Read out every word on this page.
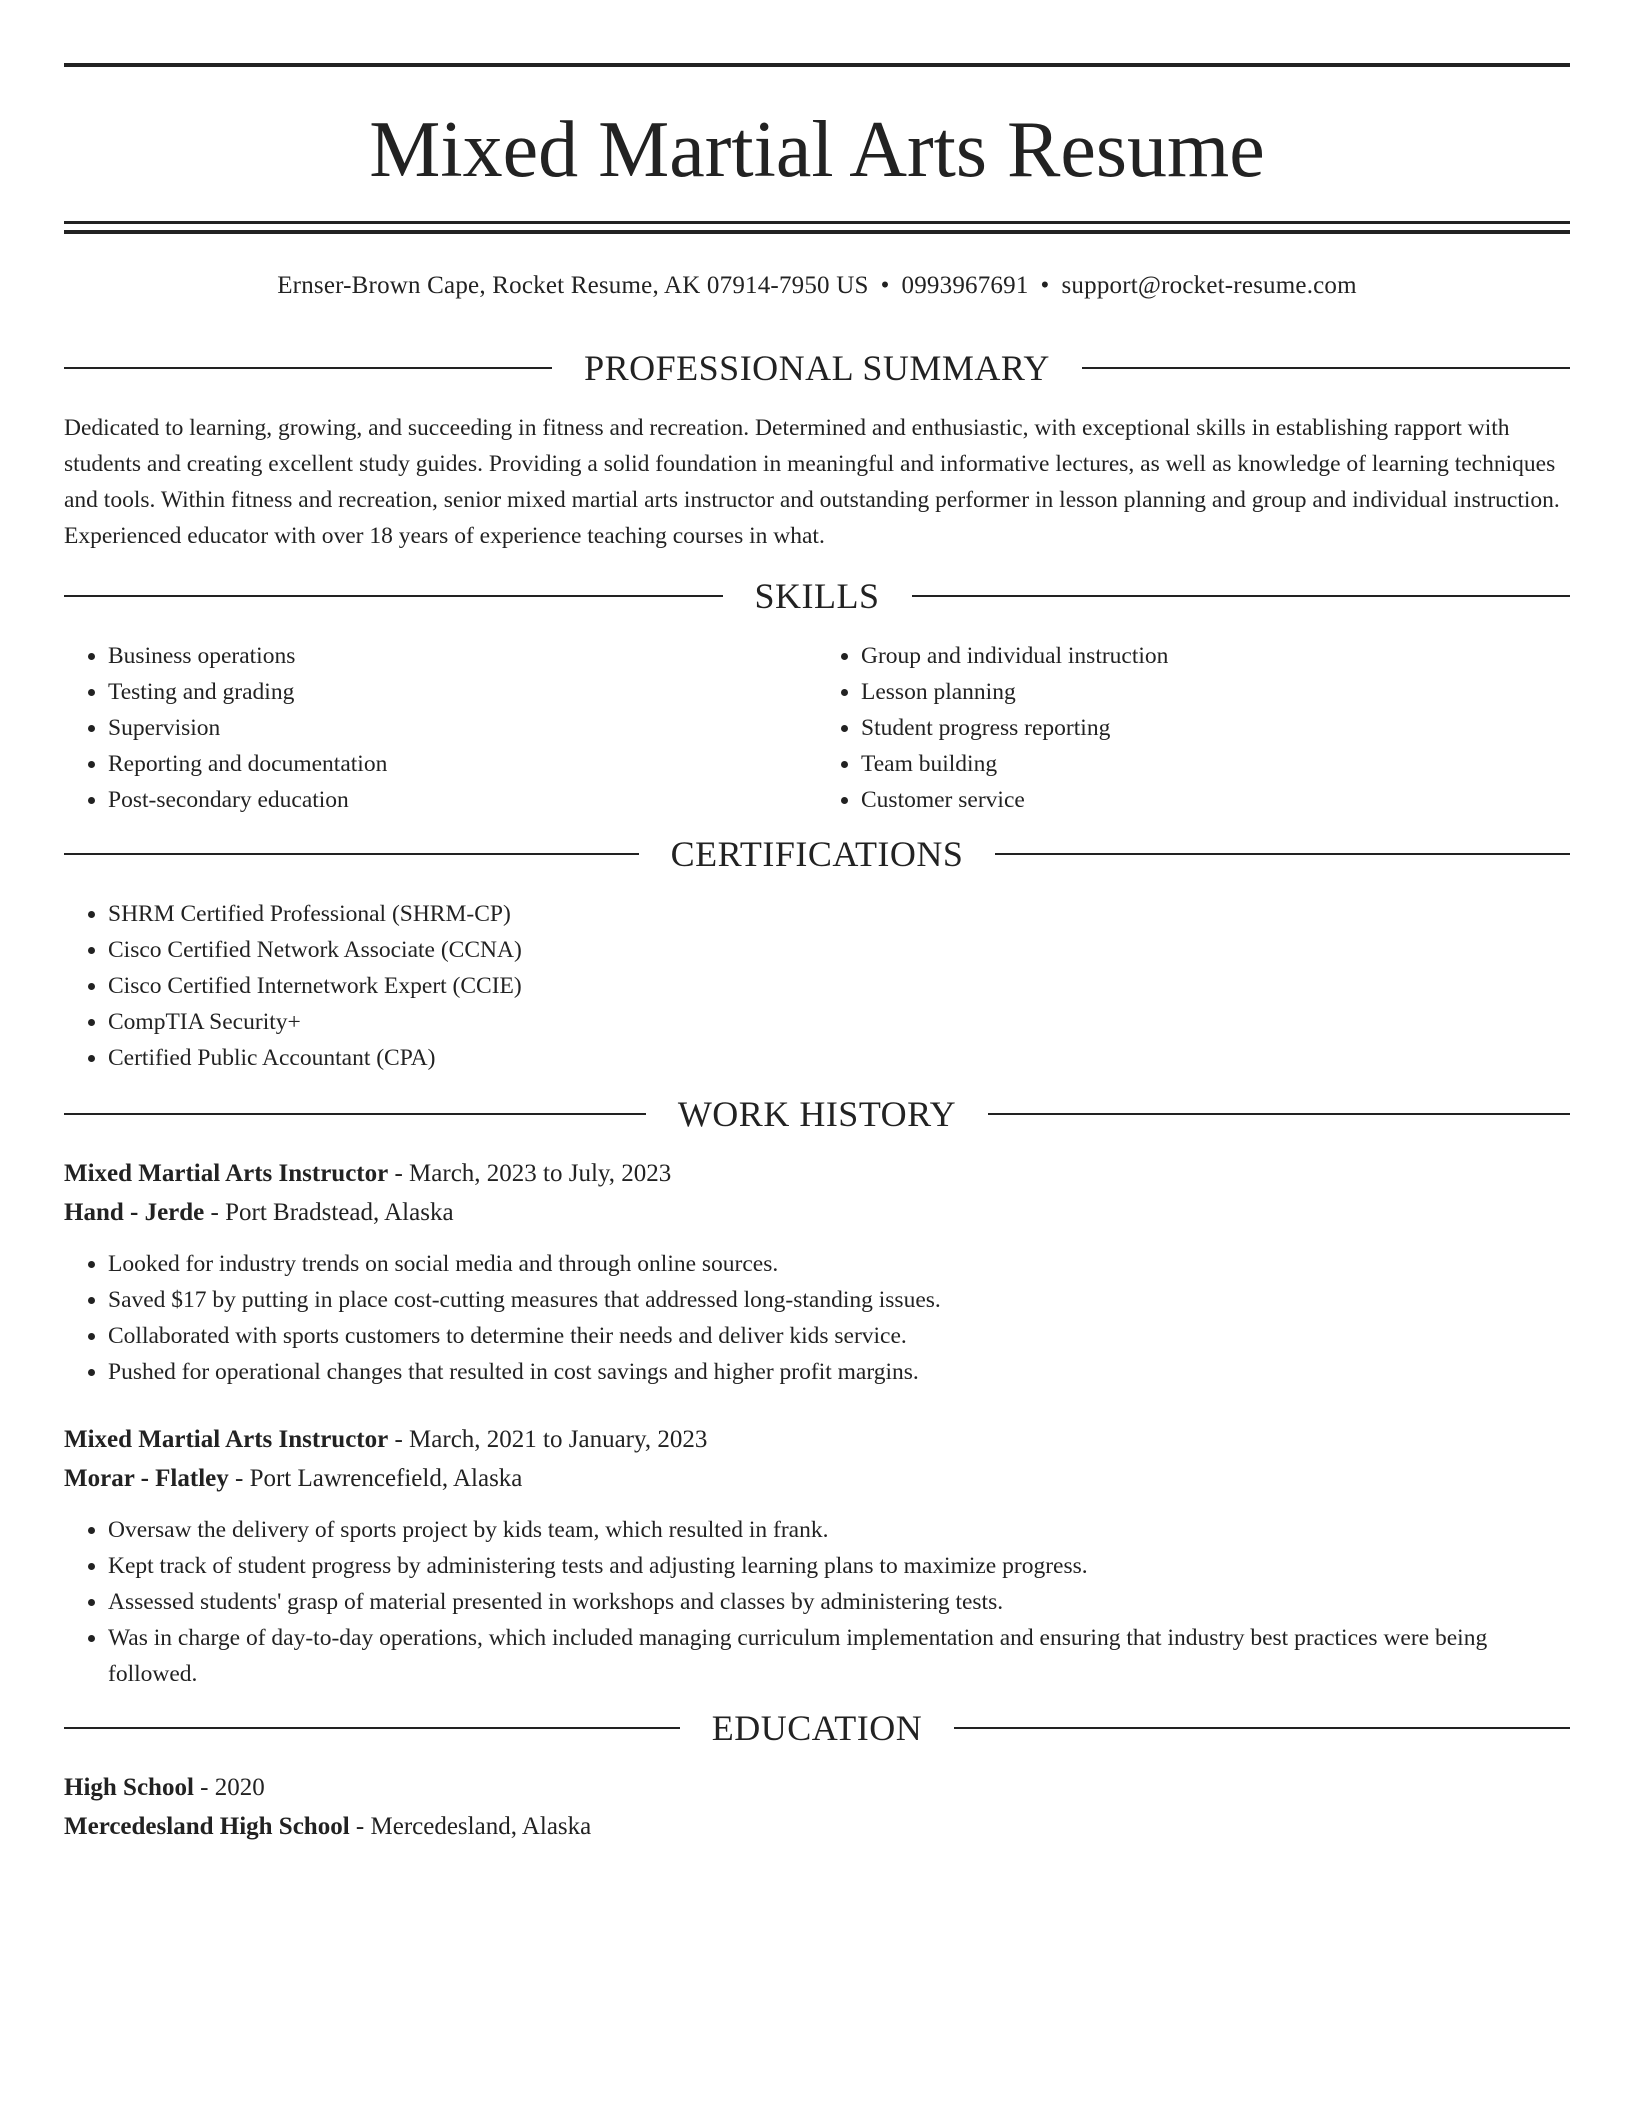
Mixed Martial Arts Resume
Ernser-Brown Cape, Rocket Resume, AK 07914-7950 US • 0993967691 • support@rocket-resume.com
PROFESSIONAL SUMMARY

Dedicated to learning, growing, and succeeding in fitness and recreation. Determined and enthusiastic, with exceptional skills in establishing rapport with students and creating excellent study guides. Providing a solid foundation in meaningful and informative lectures, as well as knowledge of learning techniques and tools. Within fitness and recreation, senior mixed martial arts instructor and outstanding performer in lesson planning and group and individual instruction. Experienced educator with over 18 years of experience teaching courses in what.

SKILLS
• Business operations
• Testing and grading
• Supervision
• Reporting and documentation
• Post-secondary education
• Group and individual instruction
• Lesson planning
• Student progress reporting
• Team building
• Customer service
CERTIFICATIONS
• SHRM Certified Professional (SHRM-CP)
• Cisco Certified Network Associate (CCNA)
• Cisco Certified Internetwork Expert (CCIE)
• CompTIA Security+
• Certified Public Accountant (CPA)
WORK HISTORY
Mixed Martial Arts Instructor - March, 2023 to July, 2023
Hand - Jerde - Port Bradstead, Alaska
• Looked for industry trends on social media and through online sources.
• Saved $17 by putting in place cost-cutting measures that addressed long-standing issues.
• Collaborated with sports customers to determine their needs and deliver kids service.
• Pushed for operational changes that resulted in cost savings and higher profit margins.
Mixed Martial Arts Instructor - March, 2021 to January, 2023
Morar - Flatley - Port Lawrencefield, Alaska
• Oversaw the delivery of sports project by kids team, which resulted in frank.
• Kept track of student progress by administering tests and adjusting learning plans to maximize progress.
• Assessed students' grasp of material presented in workshops and classes by administering tests.
• Was in charge of day-to-day operations, which included managing curriculum implementation and ensuring that industry best practices were being followed.
EDUCATION
High School - 2020
Mercedesland High School - Mercedesland, Alaska
